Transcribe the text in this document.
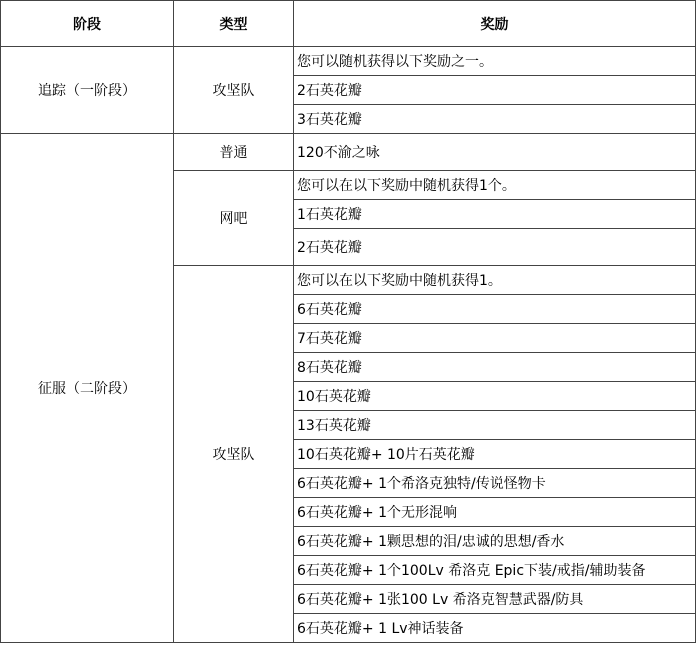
阶段	类型	奖励
追踪（一阶段）	攻坚队	您可以随机获得以下奖励之一。
		2石英花瓣
		3石英花瓣
征服（二阶段）	普通	120不渝之咏
	网吧	您可以在以下奖励中随机获得1个。
		1石英花瓣
		2石英花瓣
	攻坚队	您可以在以下奖励中随机获得1。
		6石英花瓣
		7石英花瓣
		8石英花瓣
		10石英花瓣
		13石英花瓣
		10石英花瓣+ 10片石英花瓣
		6石英花瓣+ 1个希洛克独特/传说怪物卡
		6石英花瓣+ 1个无形混响
		6石英花瓣+ 1颗思想的泪/忠诚的思想/香水
		6石英花瓣+ 1个100Lv 希洛克 Epic下装/戒指/辅助装备
		6石英花瓣+ 1张100 Lv 希洛克智慧武器/防具
		6石英花瓣+ 1 Lv神话装备
